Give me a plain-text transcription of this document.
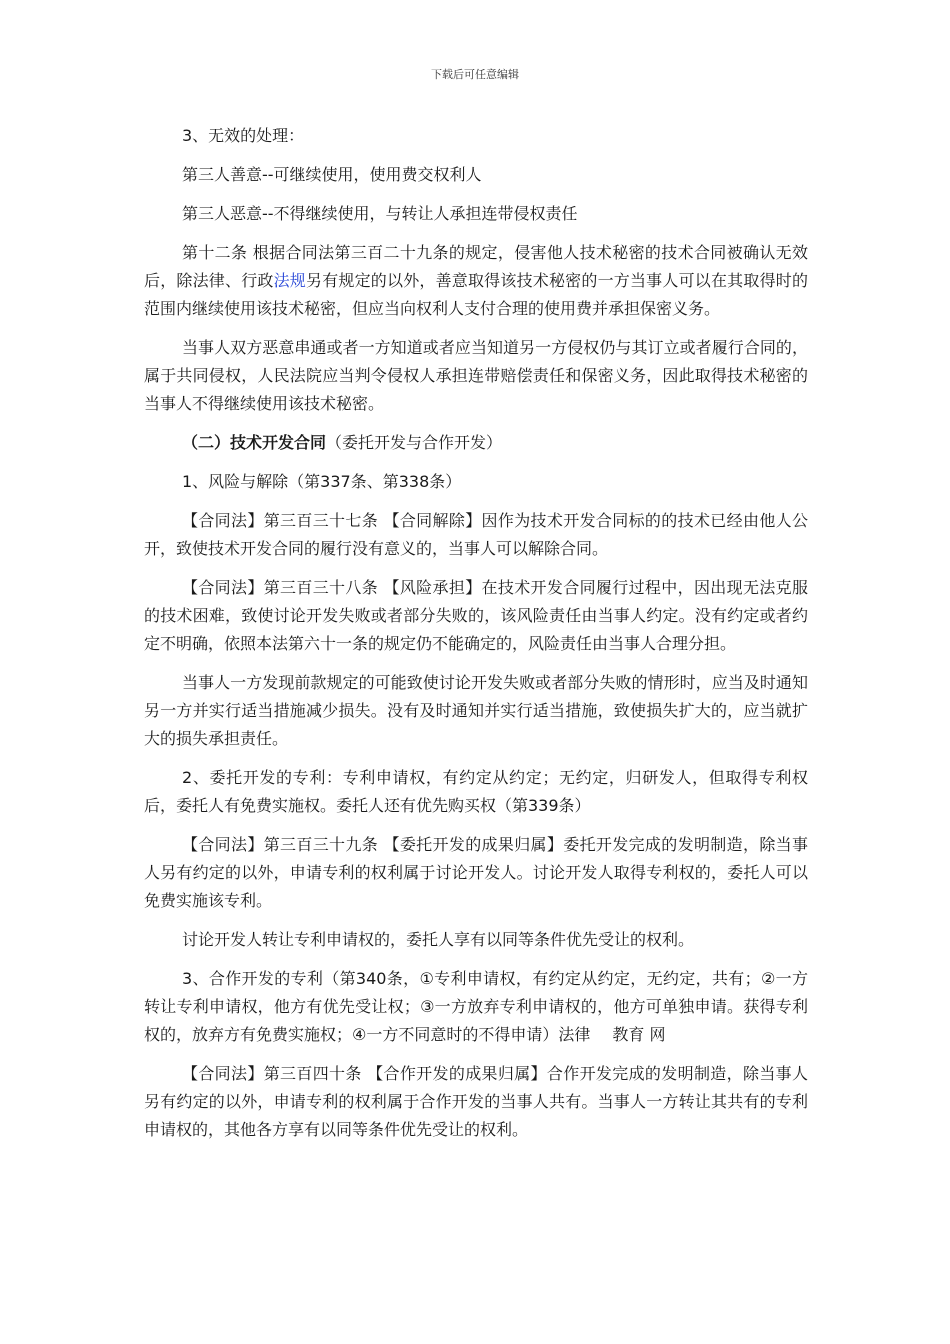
下载后可任意编辑

3、无效的处理：

第三人善意--可继续使用，使用费交权利人

第三人恶意--不得继续使用，与转让人承担连带侵权责任

第十二条 根据合同法第三百二十九条的规定，侵害他人技术秘密的技术合同被确认无效后，除法律、行政法规另有规定的以外，善意取得该技术秘密的一方当事人可以在其取得时的范围内继续使用该技术秘密，但应当向权利人支付合理的使用费并承担保密义务。

当事人双方恶意串通或者一方知道或者应当知道另一方侵权仍与其订立或者履行合同的，属于共同侵权，人民法院应当判令侵权人承担连带赔偿责任和保密义务，因此取得技术秘密的当事人不得继续使用该技术秘密。

（二）技术开发合同（委托开发与合作开发）

1、风险与解除（第337条、第338条）

【合同法】第三百三十七条 【合同解除】因作为技术开发合同标的的技术已经由他人公开，致使技术开发合同的履行没有意义的，当事人可以解除合同。

【合同法】第三百三十八条 【风险承担】在技术开发合同履行过程中，因出现无法克服的技术困难，致使讨论开发失败或者部分失败的，该风险责任由当事人约定。没有约定或者约定不明确，依照本法第六十一条的规定仍不能确定的，风险责任由当事人合理分担。

当事人一方发现前款规定的可能致使讨论开发失败或者部分失败的情形时，应当及时通知另一方并实行适当措施减少损失。没有及时通知并实行适当措施，致使损失扩大的，应当就扩大的损失承担责任。

2、委托开发的专利：专利申请权，有约定从约定；无约定，归研发人，但取得专利权后，委托人有免费实施权。委托人还有优先购买权（第339条）

【合同法】第三百三十九条 【委托开发的成果归属】委托开发完成的发明制造，除当事人另有约定的以外，申请专利的权利属于讨论开发人。讨论开发人取得专利权的，委托人可以免费实施该专利。

讨论开发人转让专利申请权的，委托人享有以同等条件优先受让的权利。

3、合作开发的专利（第340条，①专利申请权，有约定从约定，无约定，共有；②一方转让专利申请权，他方有优先受让权；③一方放弃专利申请权的，他方可单独申请。获得专利权的，放弃方有免费实施权；④一方不同意时的不得申请）法律 教育 网

【合同法】第三百四十条 【合作开发的成果归属】合作开发完成的发明制造，除当事人另有约定的以外，申请专利的权利属于合作开发的当事人共有。当事人一方转让其共有的专利申请权的，其他各方享有以同等条件优先受让的权利。
